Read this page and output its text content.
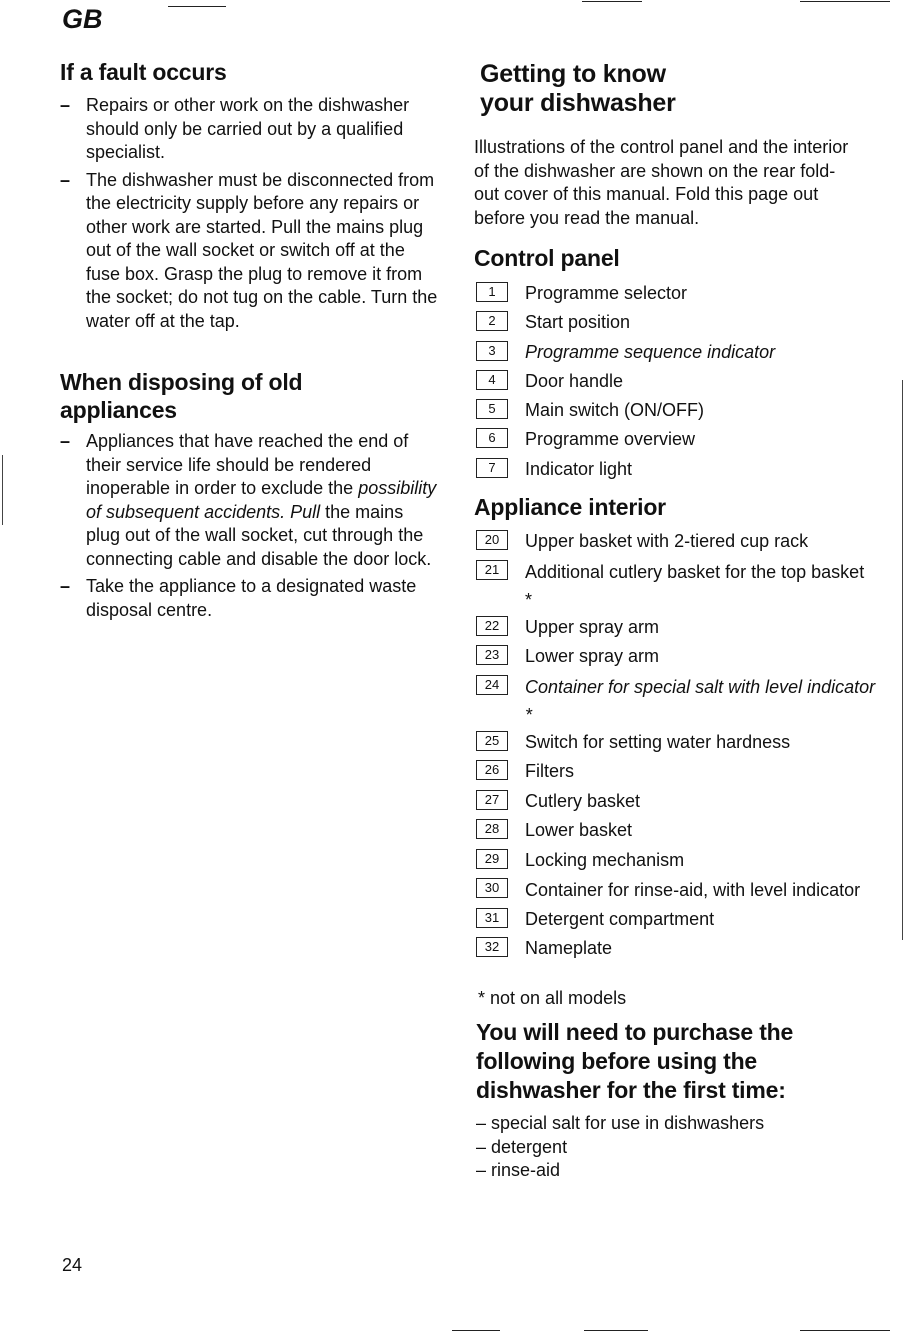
GB
If a fault occurs
– Repairs or other work on the dishwasher should only be carried out by a qualified specialist.
– The dishwasher must be disconnected from the electricity supply before any repairs or other work are started. Pull the mains plug out of the wall socket or switch off at the fuse box. Grasp the plug to remove it from the socket; do not tug on the cable. Turn the water off at the tap.
When disposing of old appliances
– Appliances that have reached the end of their service life should be rendered inoperable in order to exclude the possibility of subsequent accidents. Pull the mains plug out of the wall socket, cut through the connecting cable and disable the door lock.
– Take the appliance to a designated waste disposal centre.
Getting to know your dishwasher

Illustrations of the control panel and the interior of the dishwasher are shown on the rear fold-out cover of this manual. Fold this page out before you read the manual.

Control panel
1	Programme selector
2	Start position
3	Programme sequence indicator
4	Door handle
5	Main switch (ON/OFF)
6	Programme overview
7	Indicator light
Appliance interior
20	Upper basket with 2-tiered cup rack
21	Additional cutlery basket for the top basket *
22	Upper spray arm
23	Lower spray arm
24	Container for special salt with level indicator *
25	Switch for setting water hardness
26	Filters
27	Cutlery basket
28	Lower basket
29	Locking mechanism
30	Container for rinse-aid, with level indicator
31	Detergent compartment
32	Nameplate
* not on all models
You will need to purchase the following before using the dishwasher for the first time:
– special salt for use in dishwashers
– detergent
– rinse-aid
24
